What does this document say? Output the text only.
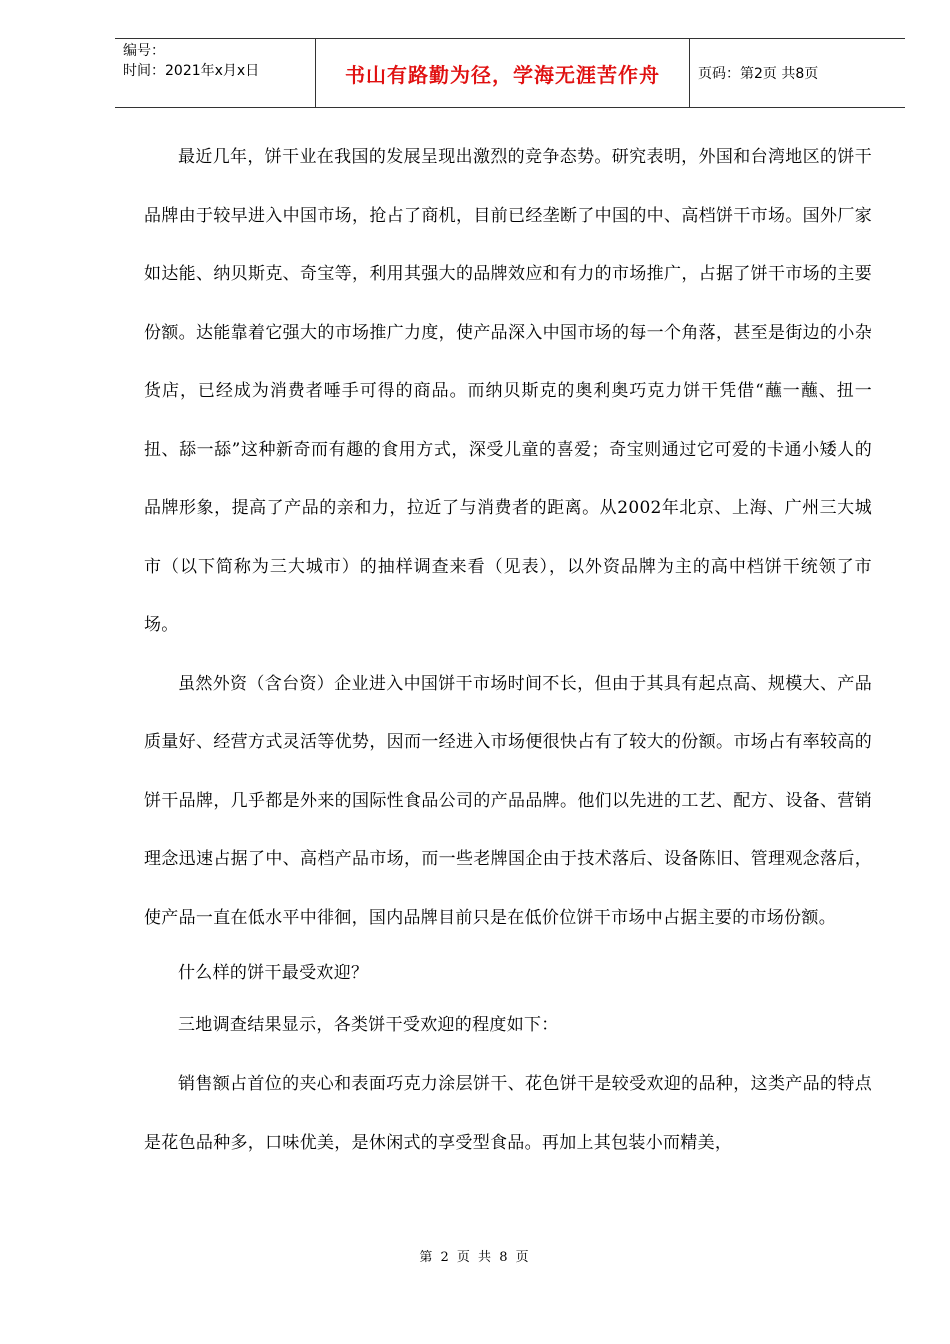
编号：
时间：2021年x月x日	书山有路勤为径，学海无涯苦作舟	页码：第2页 共8页

最近几年，饼干业在我国的发展呈现出激烈的竞争态势。研究表明，外国和台湾地区的饼干品牌由于较早进入中国市场，抢占了商机，目前已经垄断了中国的中、高档饼干市场。国外厂家如达能、纳贝斯克、奇宝等，利用其强大的品牌效应和有力的市场推广，占据了饼干市场的主要份额。达能靠着它强大的市场推广力度，使产品深入中国市场的每一个角落，甚至是街边的小杂货店，已经成为消费者唾手可得的商品。而纳贝斯克的奥利奥巧克力饼干凭借“蘸一蘸、扭一扭、舔一舔”这种新奇而有趣的食用方式，深受儿童的喜爱；奇宝则通过它可爱的卡通小矮人的品牌形象，提高了产品的亲和力，拉近了与消费者的距离。从2002年北京、上海、广州三大城市（以下简称为三大城市）的抽样调查来看（见表），以外资品牌为主的高中档饼干统领了市场。

虽然外资（含台资）企业进入中国饼干市场时间不长，但由于其具有起点高、规模大、产品质量好、经营方式灵活等优势，因而一经进入市场便很快占有了较大的份额。市场占有率较高的饼干品牌，几乎都是外来的国际性食品公司的产品品牌。他们以先进的工艺、配方、设备、营销理念迅速占据了中、高档产品市场，而一些老牌国企由于技术落后、设备陈旧、管理观念落后，使产品一直在低水平中徘徊，国内品牌目前只是在低价位饼干市场中占据主要的市场份额。

什么样的饼干最受欢迎？

三地调查结果显示，各类饼干受欢迎的程度如下：

销售额占首位的夹心和表面巧克力涂层饼干、花色饼干是较受欢迎的品种，这类产品的特点是花色品种多，口味优美，是休闲式的享受型食品。再加上其包装小而精美，

第 2 页 共 8 页
